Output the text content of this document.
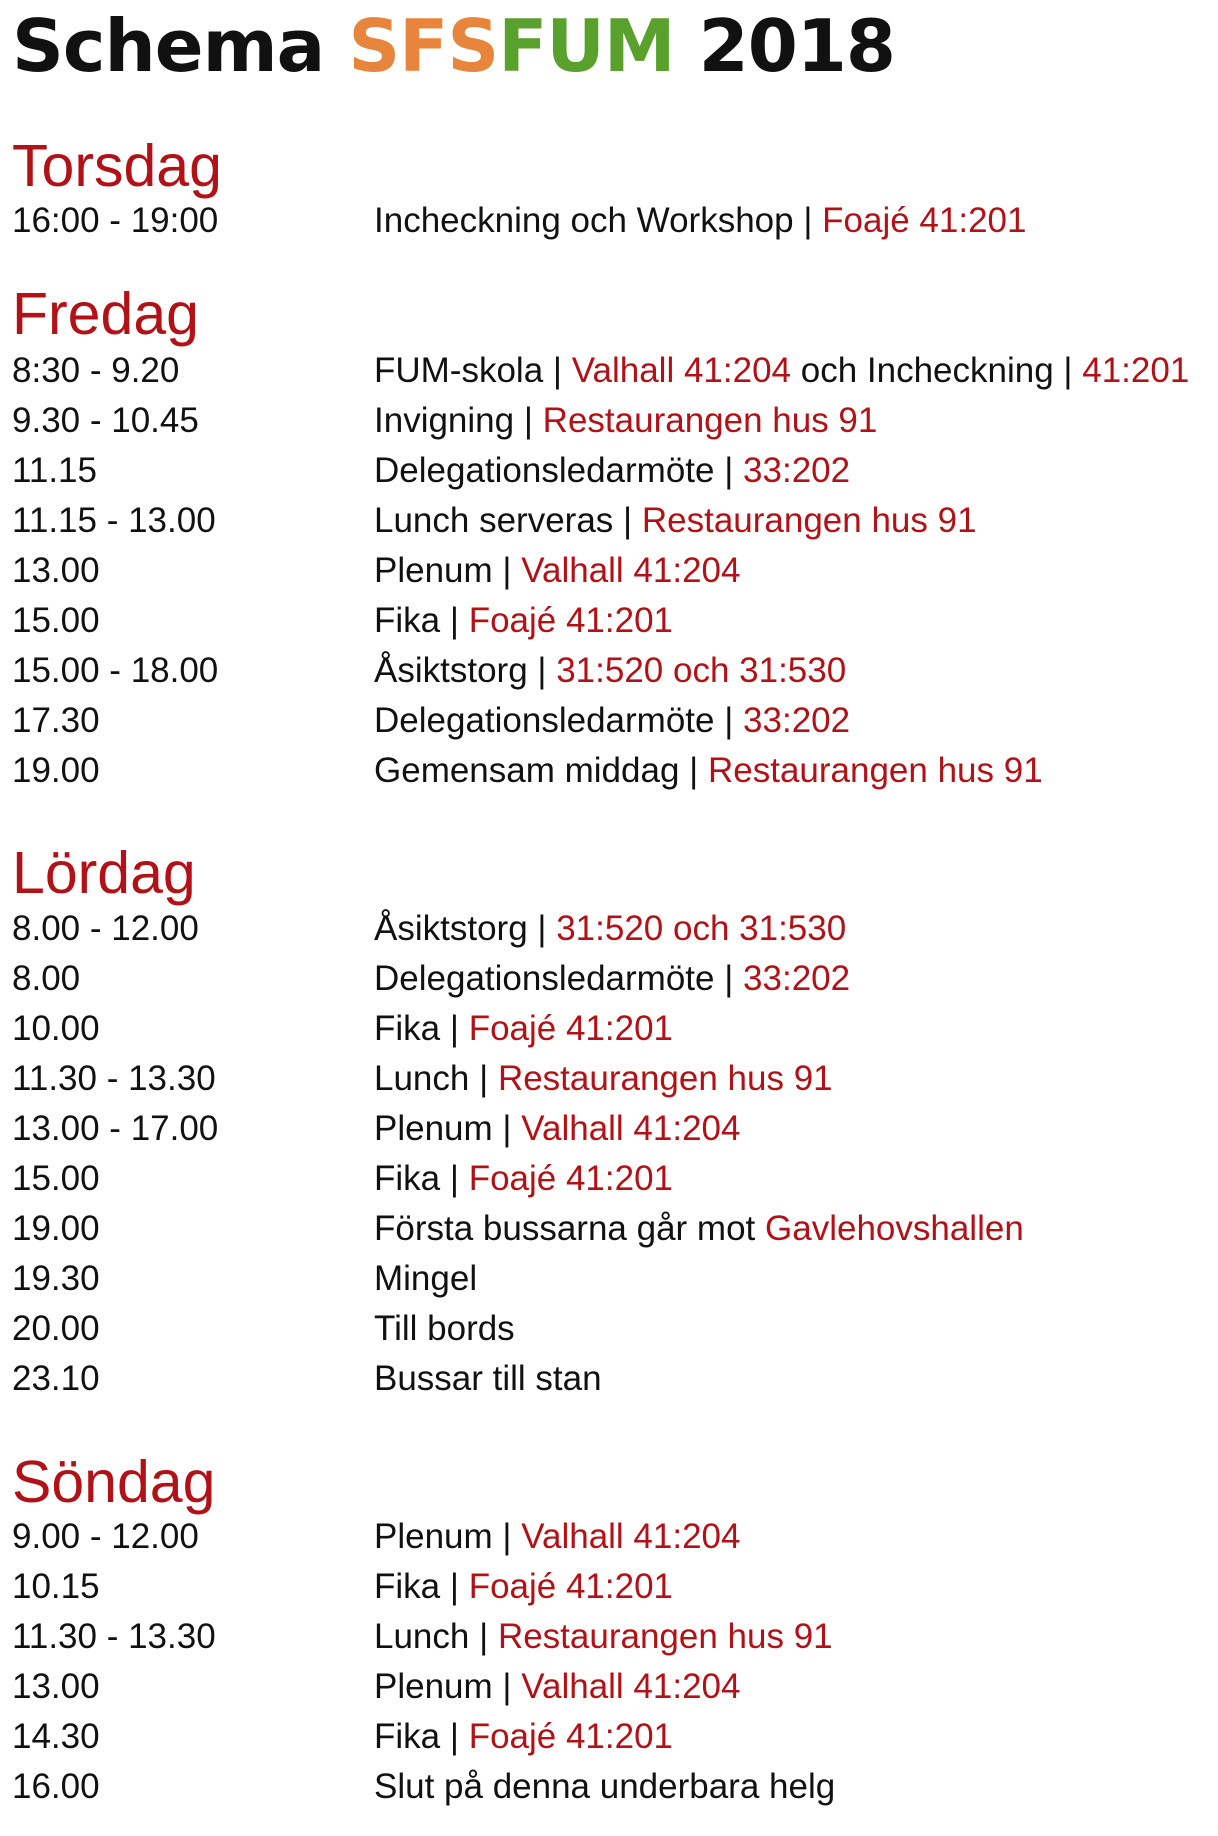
Schema SFSFUM 2018
Torsdag
16:00 - 19:00	Incheckning och Workshop | Foajé 41:201
Fredag
8:30 - 9.20	FUM-skola | Valhall 41:204 och Incheckning | 41:201
9.30 - 10.45	Invigning | Restaurangen hus 91
11.15	Delegationsledarmöte | 33:202
11.15 - 13.00	Lunch serveras | Restaurangen hus 91
13.00	Plenum | Valhall 41:204
15.00	Fika | Foajé 41:201
15.00 - 18.00	Åsiktstorg | 31:520 och 31:530
17.30	Delegationsledarmöte | 33:202
19.00	Gemensam middag | Restaurangen hus 91
Lördag
8.00 - 12.00	Åsiktstorg | 31:520 och 31:530
8.00	Delegationsledarmöte | 33:202
10.00	Fika | Foajé 41:201
11.30 - 13.30	Lunch | Restaurangen hus 91
13.00 - 17.00	Plenum | Valhall 41:204
15.00	Fika | Foajé 41:201
19.00	Första bussarna går mot Gavlehovshallen
19.30	Mingel
20.00	Till bords
23.10	Bussar till stan
Söndag
9.00 - 12.00	Plenum | Valhall 41:204
10.15	Fika | Foajé 41:201
11.30 - 13.30	Lunch | Restaurangen hus 91
13.00	Plenum | Valhall 41:204
14.30	Fika | Foajé 41:201
16.00	Slut på denna underbara helg
